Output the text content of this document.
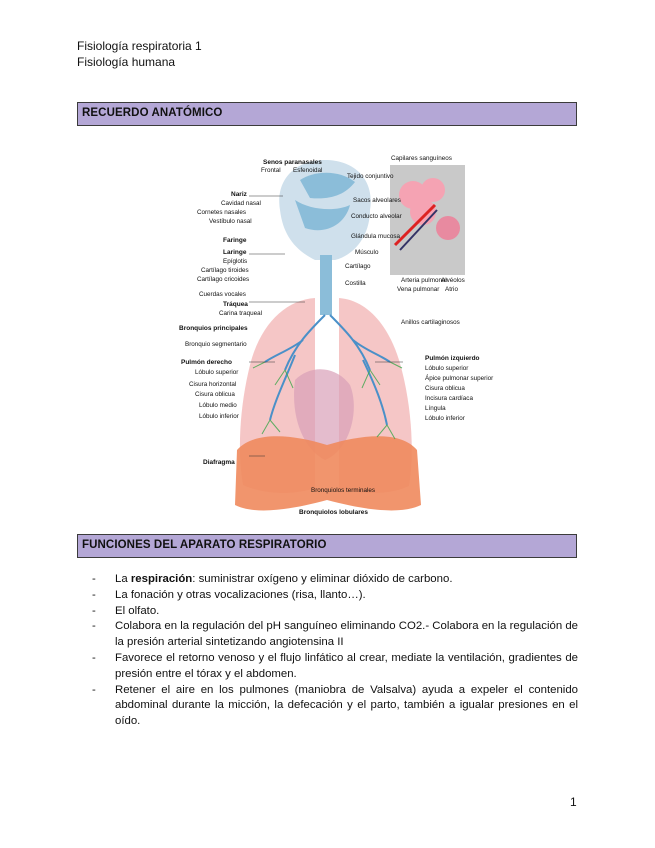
Fisiología respiratoria 1
Fisiología humana
RECUERDO ANATÓMICO
Senos paranasales
Frontal Esfenoidal
Nariz
Cavidad nasal
Cornetes nasales
Vestíbulo nasal
Faringe
Laringe
Epíglotis
Cartílago tiroides
Cartílago cricoides
Cuerdas vocales
Tráquea
Carina traqueal
Bronquios principales
Bronquio segmentario
Pulmón derecho
Lóbulo superior
Cisura horizontal
Cisura oblicua
Lóbulo medio
Lóbulo inferior
Diafragma
Capilares sanguíneos
Tejido conjuntivo
Sacos alveolares
Conducto alveolar
Glándula mucosa
Músculo
Arteria pulmonar
Vena pulmonar
Alvéolos
Atrio
Cartílago
Anillos cartilaginosos
Costilla
Pulmón izquierdo
Lóbulo superior
Ápice pulmonar superior
Cisura oblicua
Incisura cardíaca
Língula
Lóbulo inferior
Bronquiolos terminales
Bronquiolos lobulares
FUNCIONES DEL APARATO RESPIRATORIO
- La respiración: suministrar oxígeno y eliminar dióxido de carbono.
- La fonación y otras vocalizaciones (risa, llanto…).
- El olfato.
- Colabora en la regulación del pH sanguíneo eliminando CO2.- Colabora en la regulación de la presión arterial sintetizando angiotensina II
- Favorece el retorno venoso y el flujo linfático al crear, mediate la ventilación, gradientes de presión entre el tórax y el abdomen.
- Retener el aire en los pulmones (maniobra de Valsalva) ayuda a expeler el contenido abdominal durante la micción, la defecación y el parto, también a igualar presiones en el oído.
1
